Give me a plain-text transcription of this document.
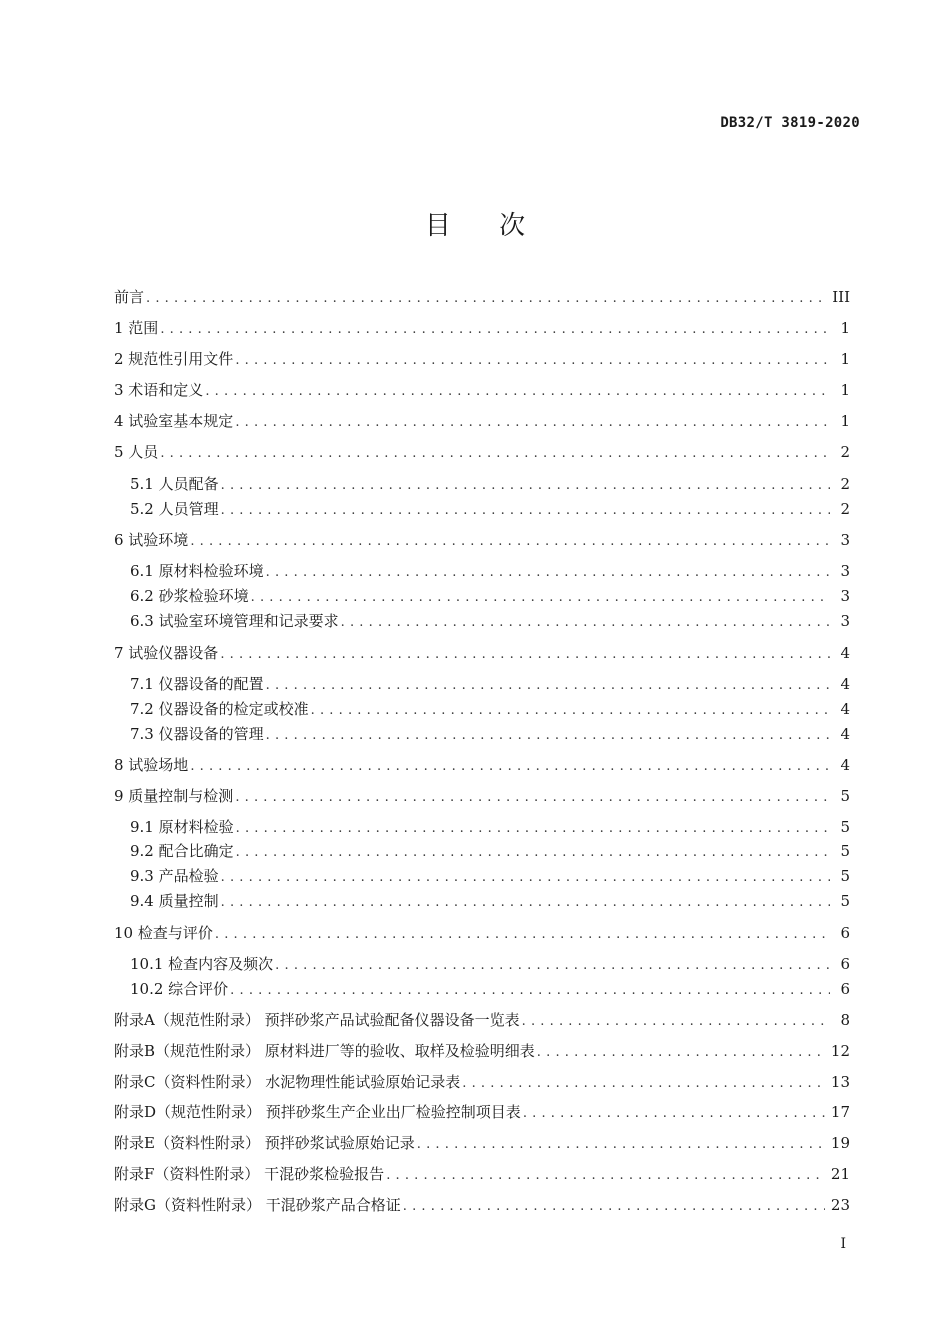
DB32/T 3819-2020
目 次
前言 .....	III
1 范围 .....	1
2 规范性引用文件 .....	1
3 术语和定义 .....	1
4 试验室基本规定 .....	1
5 人员 .....	2
5.1 人员配备 .....	2
5.2 人员管理 .....	2
6 试验环境 .....	3
6.1 原材料检验环境 .....	3
6.2 砂浆检验环境 .....	3
6.3 试验室环境管理和记录要求 .....	3
7 试验仪器设备 .....	4
7.1 仪器设备的配置 .....	4
7.2 仪器设备的检定或校准 .....	4
7.3 仪器设备的管理 .....	4
8 试验场地 .....	4
9 质量控制与检测 .....	5
9.1 原材料检验 .....	5
9.2 配合比确定 .....	5
9.3 产品检验 .....	5
9.4 质量控制 .....	5
10 检查与评价 .....	6
10.1 检查内容及频次 .....	6
10.2 综合评价 .....	6
附录A（规范性附录） 预拌砂浆产品试验配备仪器设备一览表 .....	8
附录B（规范性附录） 原材料进厂等的验收、取样及检验明细表 .....	12
附录C（资料性附录） 水泥物理性能试验原始记录表 .....	13
附录D（规范性附录） 预拌砂浆生产企业出厂检验控制项目表 .....	17
附录E（资料性附录） 预拌砂浆试验原始记录 .....	19
附录F（资料性附录） 干混砂浆检验报告 .....	21
附录G（资料性附录） 干混砂浆产品合格证 .....	23
I
